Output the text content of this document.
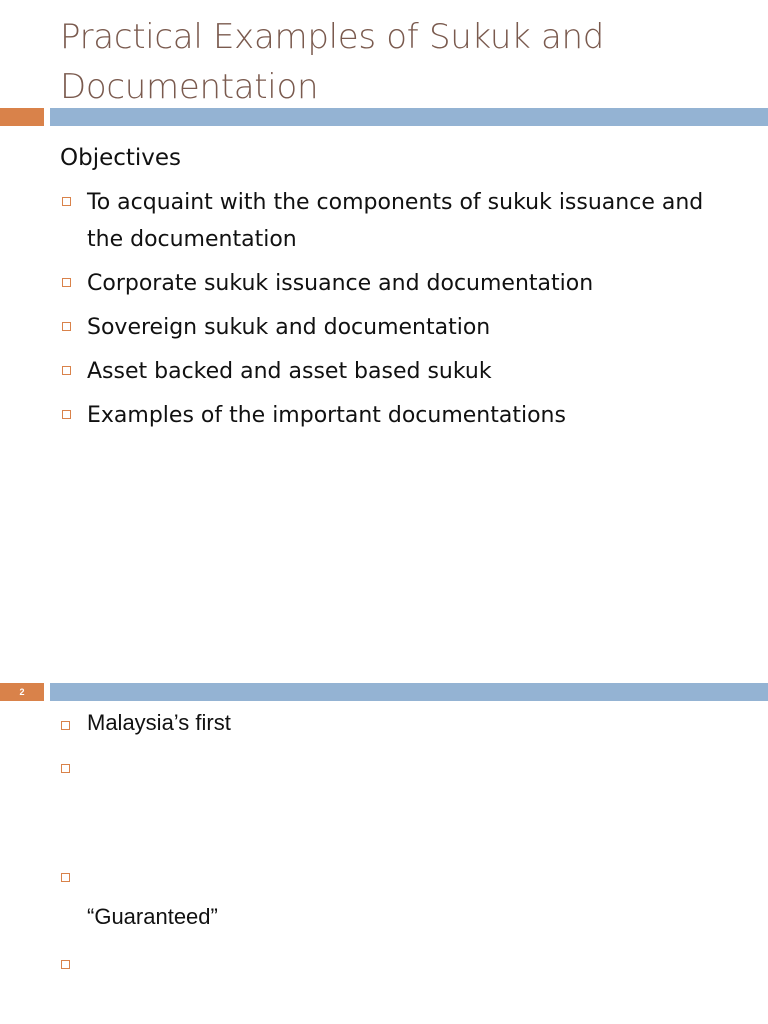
Practical Examples of Sukuk and Documentation
Objectives
To acquaint with the components of sukuk issuance and the documentation
Corporate sukuk issuance and documentation
Sovereign sukuk and documentation
Asset backed and asset based sukuk
Examples of the important documentations
2
Malaysia’s first
“Guaranteed”
